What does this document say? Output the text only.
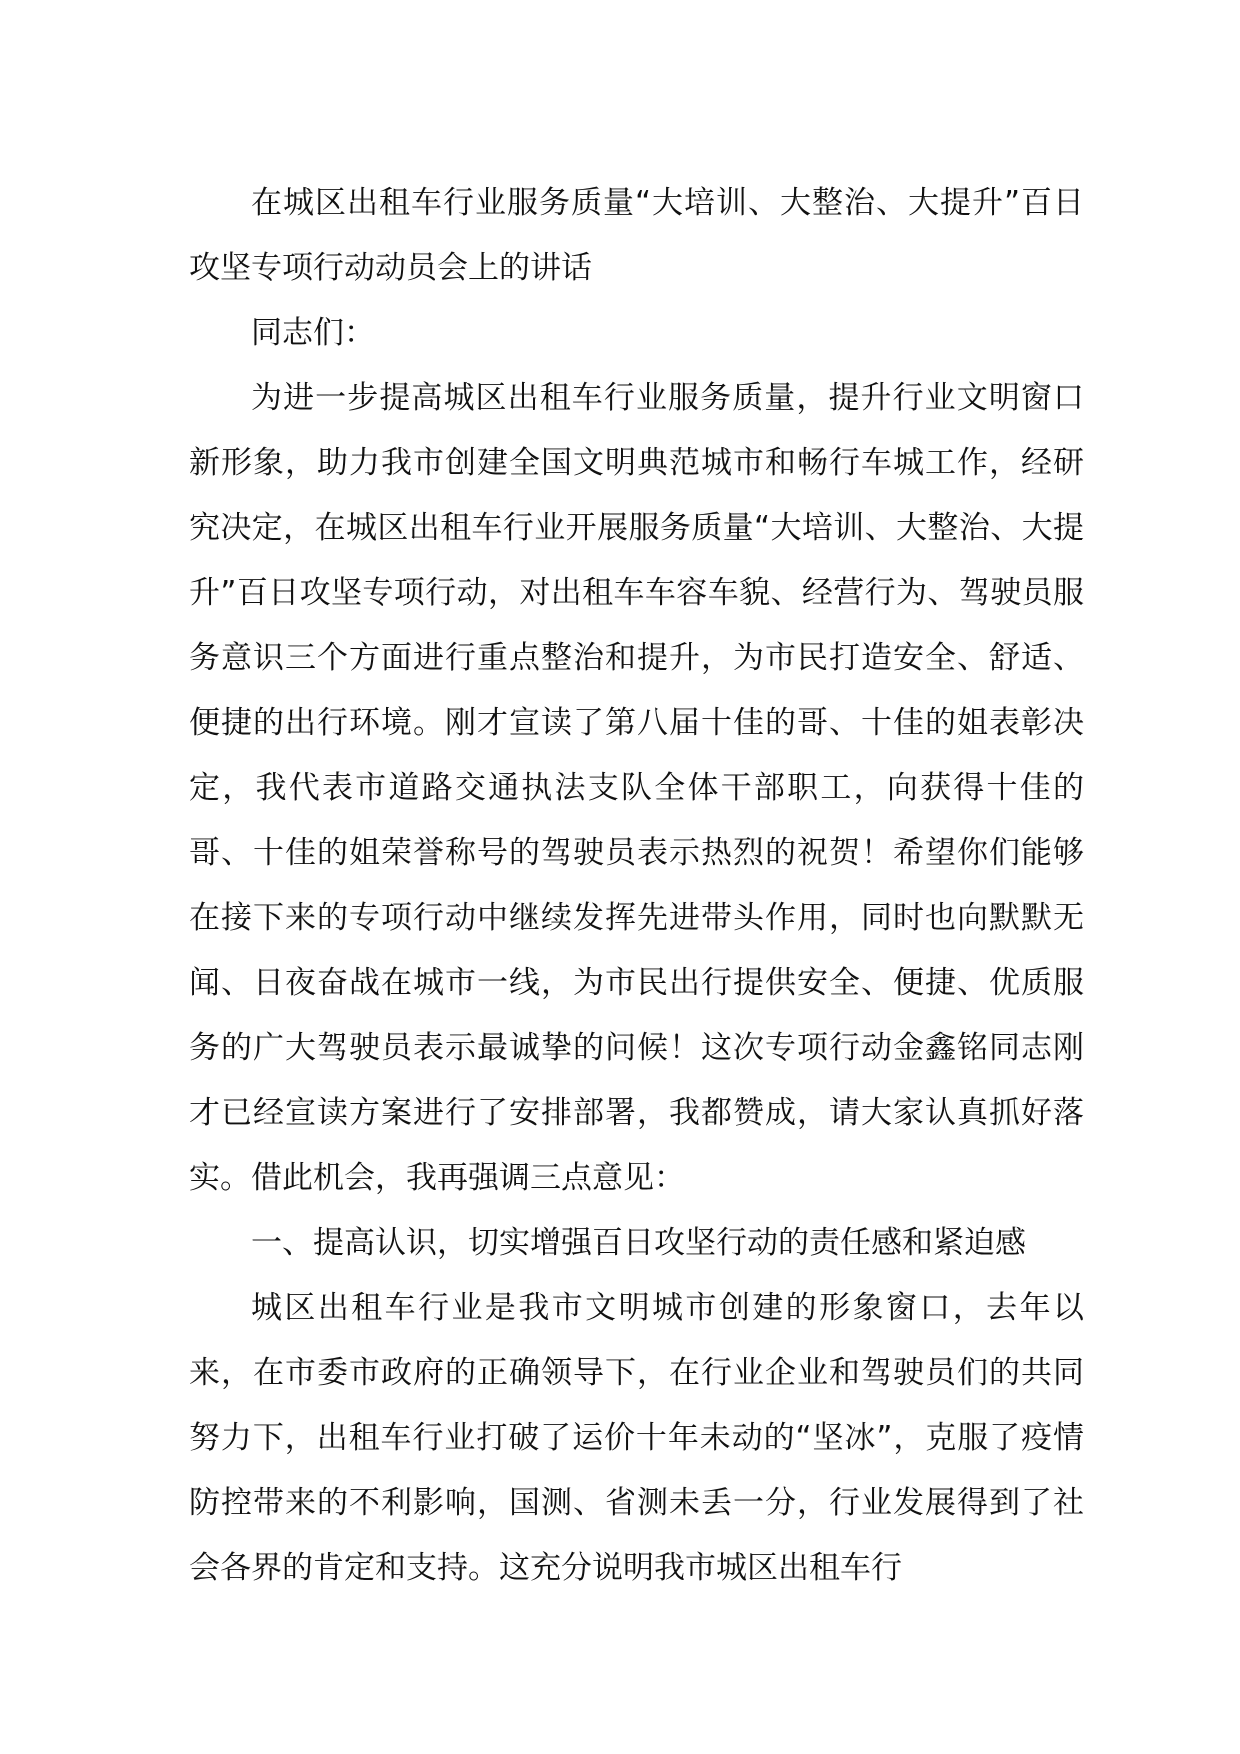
在城区出租车行业服务质量“大培训、大整治、大提升”百日攻坚专项行动动员会上的讲话

同志们：

为进一步提高城区出租车行业服务质量，提升行业文明窗口新形象，助力我市创建全国文明典范城市和畅行车城工作，经研究决定，在城区出租车行业开展服务质量“大培训、大整治、大提升”百日攻坚专项行动，对出租车车容车貌、经营行为、驾驶员服务意识三个方面进行重点整治和提升，为市民打造安全、舒适、便捷的出行环境。刚才宣读了第八届十佳的哥、十佳的姐表彰决定，我代表市道路交通执法支队全体干部职工，向获得十佳的哥、十佳的姐荣誉称号的驾驶员表示热烈的祝贺！希望你们能够在接下来的专项行动中继续发挥先进带头作用，同时也向默默无闻、日夜奋战在城市一线，为市民出行提供安全、便捷、优质服务的广大驾驶员表示最诚挚的问候！这次专项行动金鑫铭同志刚才已经宣读方案进行了安排部署，我都赞成，请大家认真抓好落实。借此机会，我再强调三点意见：

一、提高认识，切实增强百日攻坚行动的责任感和紧迫感

城区出租车行业是我市文明城市创建的形象窗口，去年以来，在市委市政府的正确领导下，在行业企业和驾驶员们的共同努力下，出租车行业打破了运价十年未动的“坚冰”，克服了疫情防控带来的不利影响，国测、省测未丢一分，行业发展得到了社会各界的肯定和支持。这充分说明我市城区出租车行
